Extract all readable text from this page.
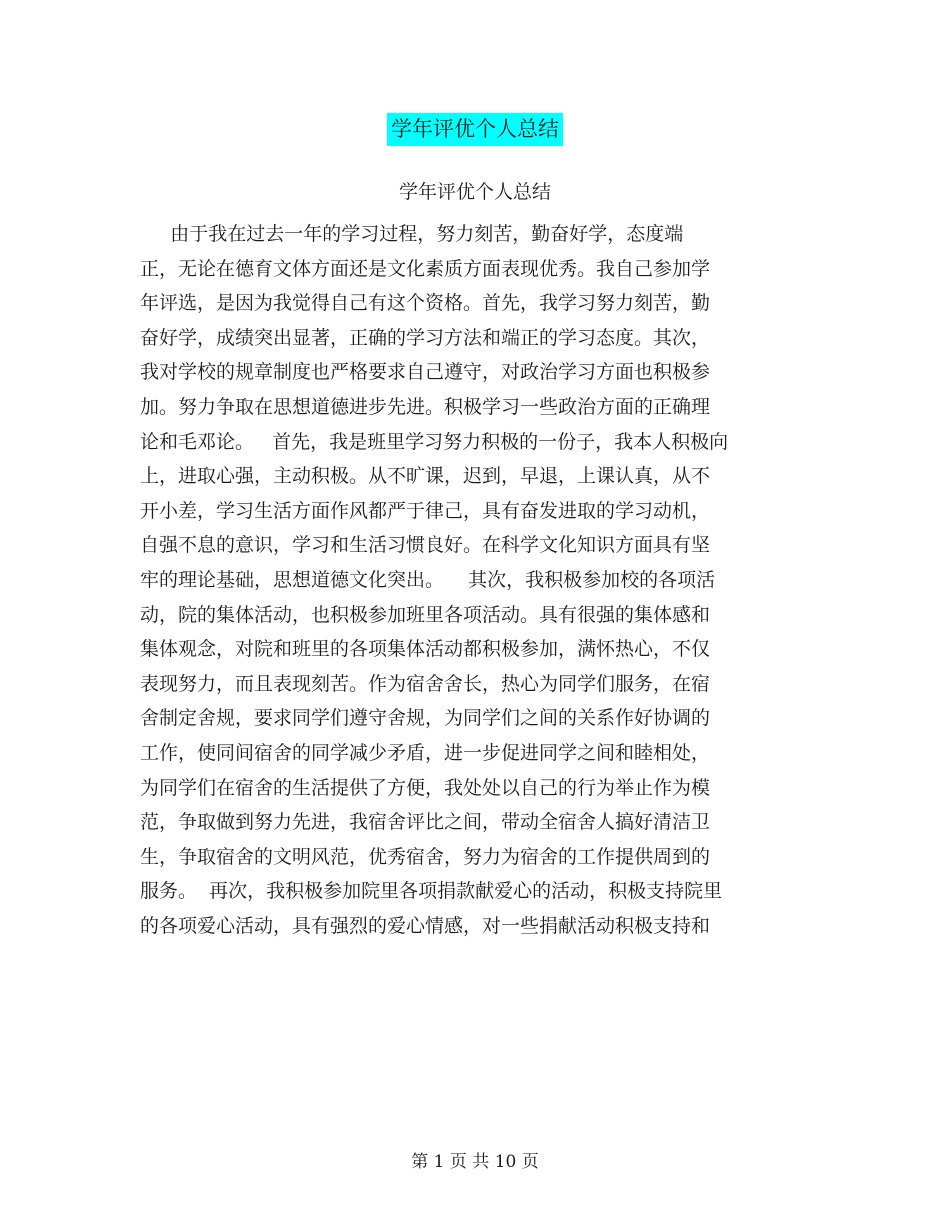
学年评优个人总结
学年评优个人总结
由于我在过去一年的学习过程，努力刻苦，勤奋好学，态度端
正，无论在德育文体方面还是文化素质方面表现优秀。我自己参加学
年评选，是因为我觉得自己有这个资格。首先，我学习努力刻苦，勤
奋好学，成绩突出显著，正确的学习方法和端正的学习态度。其次，
我对学校的规章制度也严格要求自己遵守，对政治学习方面也积极参
加。努力争取在思想道德进步先进。积极学习一些政治方面的正确理
论和毛邓论。   首先，我是班里学习努力积极的一份子，我本人积极向
上，进取心强，主动积极。从不旷课，迟到，早退，上课认真，从不
开小差，学习生活方面作风都严于律己，具有奋发进取的学习动机，
自强不息的意识，学习和生活习惯良好。在科学文化知识方面具有坚
牢的理论基础，思想道德文化突出。    其次，我积极参加校的各项活
动，院的集体活动，也积极参加班里各项活动。具有很强的集体感和
集体观念，对院和班里的各项集体活动都积极参加，满怀热心，不仅
表现努力，而且表现刻苦。作为宿舍舍长，热心为同学们服务，在宿
舍制定舍规，要求同学们遵守舍规，为同学们之间的关系作好协调的
工作，使同间宿舍的同学减少矛盾，进一步促进同学之间和睦相处，
为同学们在宿舍的生活提供了方便，我处处以自己的行为举止作为模
范，争取做到努力先进，我宿舍评比之间，带动全宿舍人搞好清洁卫
生，争取宿舍的文明风范，优秀宿舍，努力为宿舍的工作提供周到的
服务。  再次，我积极参加院里各项捐款献爱心的活动，积极支持院里
的各项爱心活动，具有强烈的爱心情感，对一些捐献活动积极支持和
第 1 页 共 10 页
